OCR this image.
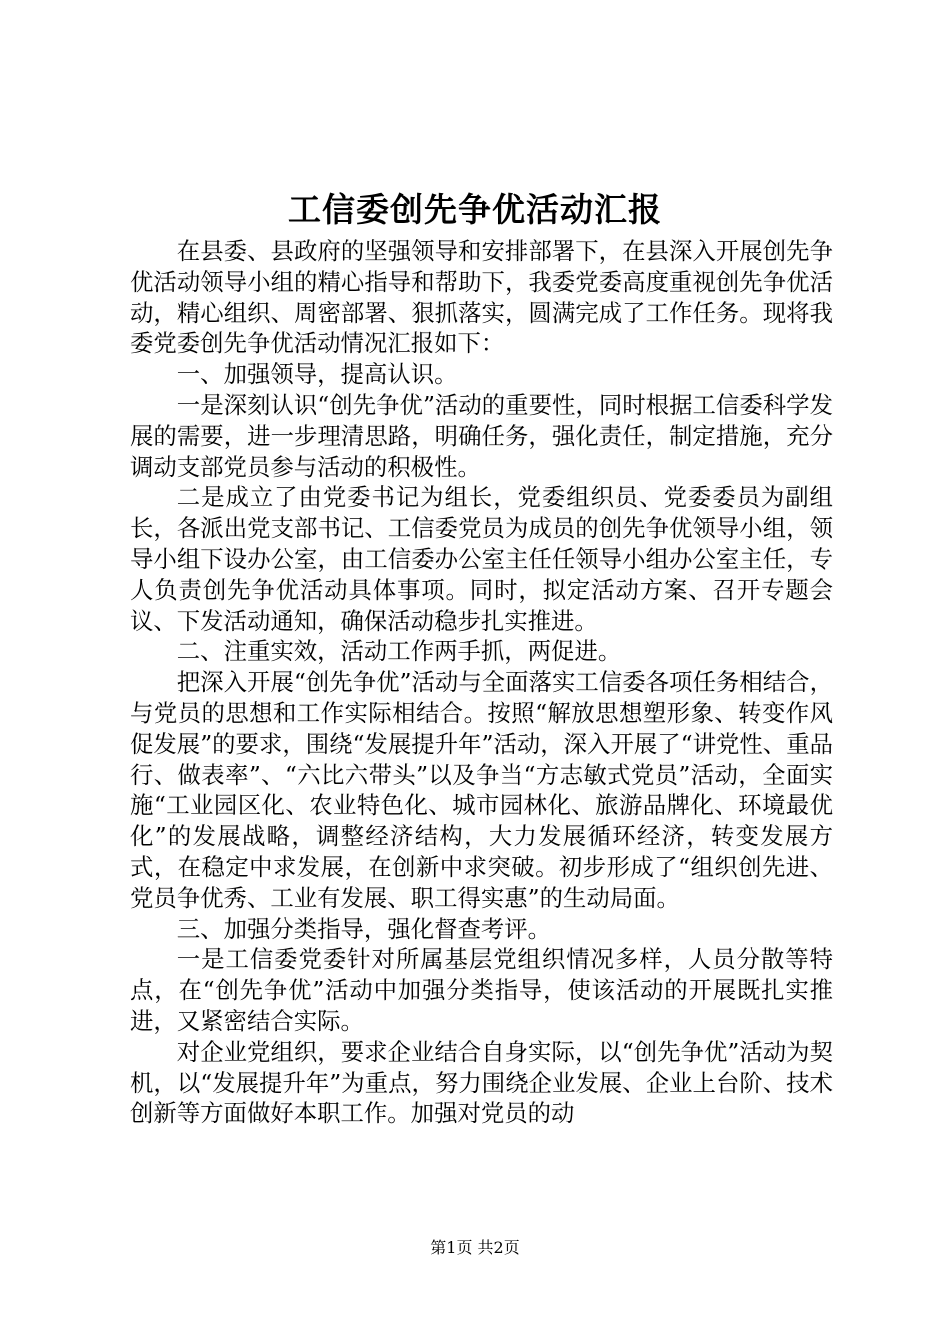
工信委创先争优活动汇报

在县委、县政府的坚强领导和安排部署下，在县深入开展创先争优活动领导小组的精心指导和帮助下，我委党委高度重视创先争优活动，精心组织、周密部署、狠抓落实，圆满完成了工作任务。现将我委党委创先争优活动情况汇报如下：

一、加强领导，提高认识。

一是深刻认识“创先争优”活动的重要性，同时根据工信委科学发展的需要，进一步理清思路，明确任务，强化责任，制定措施，充分调动支部党员参与活动的积极性。

二是成立了由党委书记为组长，党委组织员、党委委员为副组长，各派出党支部书记、工信委党员为成员的创先争优领导小组，领导小组下设办公室，由工信委办公室主任任领导小组办公室主任，专人负责创先争优活动具体事项。同时，拟定活动方案、召开专题会议、下发活动通知，确保活动稳步扎实推进。

二、注重实效，活动工作两手抓，两促进。

把深入开展“创先争优”活动与全面落实工信委各项任务相结合，与党员的思想和工作实际相结合。按照“解放思想塑形象、转变作风促发展”的要求，围绕“发展提升年”活动，深入开展了“讲党性、重品行、做表率”、“六比六带头”以及争当“方志敏式党员”活动，全面实施“工业园区化、农业特色化、城市园林化、旅游品牌化、环境最优化”的发展战略，调整经济结构，大力发展循环经济，转变发展方式，在稳定中求发展，在创新中求突破。初步形成了“组织创先进、党员争优秀、工业有发展、职工得实惠”的生动局面。

三、加强分类指导，强化督查考评。

一是工信委党委针对所属基层党组织情况多样，人员分散等特点，在“创先争优”活动中加强分类指导，使该活动的开展既扎实推进，又紧密结合实际。

对企业党组织，要求企业结合自身实际，以“创先争优”活动为契机，以“发展提升年”为重点，努力围绕企业发展、企业上台阶、技术创新等方面做好本职工作。加强对党员的动

第1页 共2页
